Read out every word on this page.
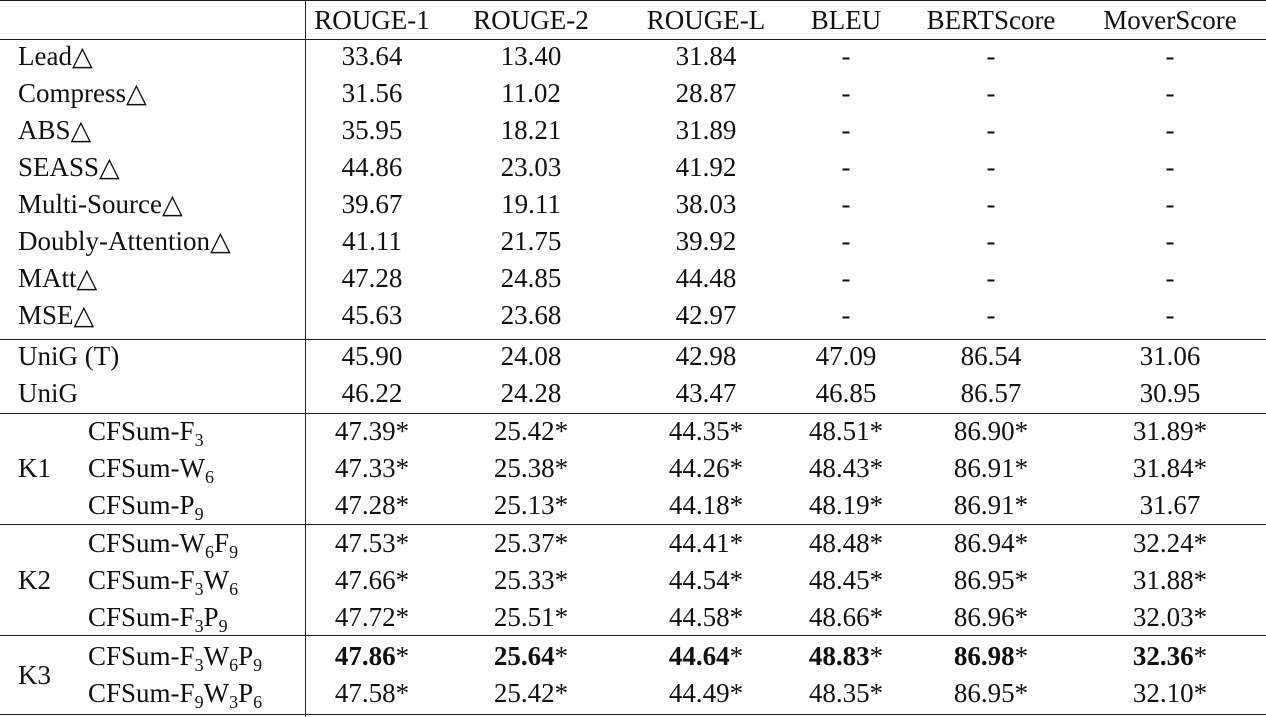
ROUGE-1	ROUGE-2	ROUGE-L	BLEU	BERTScore	MoverScore
Lead△	33.64	13.40	31.84	-	-	-
Compress△	31.56	11.02	28.87	-	-	-
ABS△	35.95	18.21	31.89	-	-	-
SEASS△	44.86	23.03	41.92	-	-	-
Multi-Source△	39.67	19.11	38.03	-	-	-
Doubly-Attention△	41.11	21.75	39.92	-	-	-
MAtt△	47.28	24.85	44.48	-	-	-
MSE△	45.63	23.68	42.97	-	-	-
UniG (T)	45.90	24.08	42.98	47.09	86.54	31.06
UniG	46.22	24.28	43.47	46.85	86.57	30.95
K1
CFSum-$F_3$	47.39*	25.42*	44.35*	48.51*	86.90*	31.89*
CFSum-$W_6$	47.33*	25.38*	44.26*	48.43*	86.91*	31.84*
CFSum-$P_9$	47.28*	25.13*	44.18*	48.19*	86.91*	31.67
K2
CFSum-$W_6F_9$	47.53*	25.37*	44.41*	48.48*	86.94*	32.24*
CFSum-$F_3W_6$	47.66*	25.33*	44.54*	48.45*	86.95*	31.88*
CFSum-$F_3P_9$	47.72*	25.51*	44.58*	48.66*	86.96*	32.03*
K3
CFSum-$F_3W_6P_9$	47.86*	25.64*	44.64*	48.83*	86.98*	32.36*
CFSum-$F_9W_3P_6$	47.58*	25.42*	44.49*	48.35*	86.95*	32.10*
